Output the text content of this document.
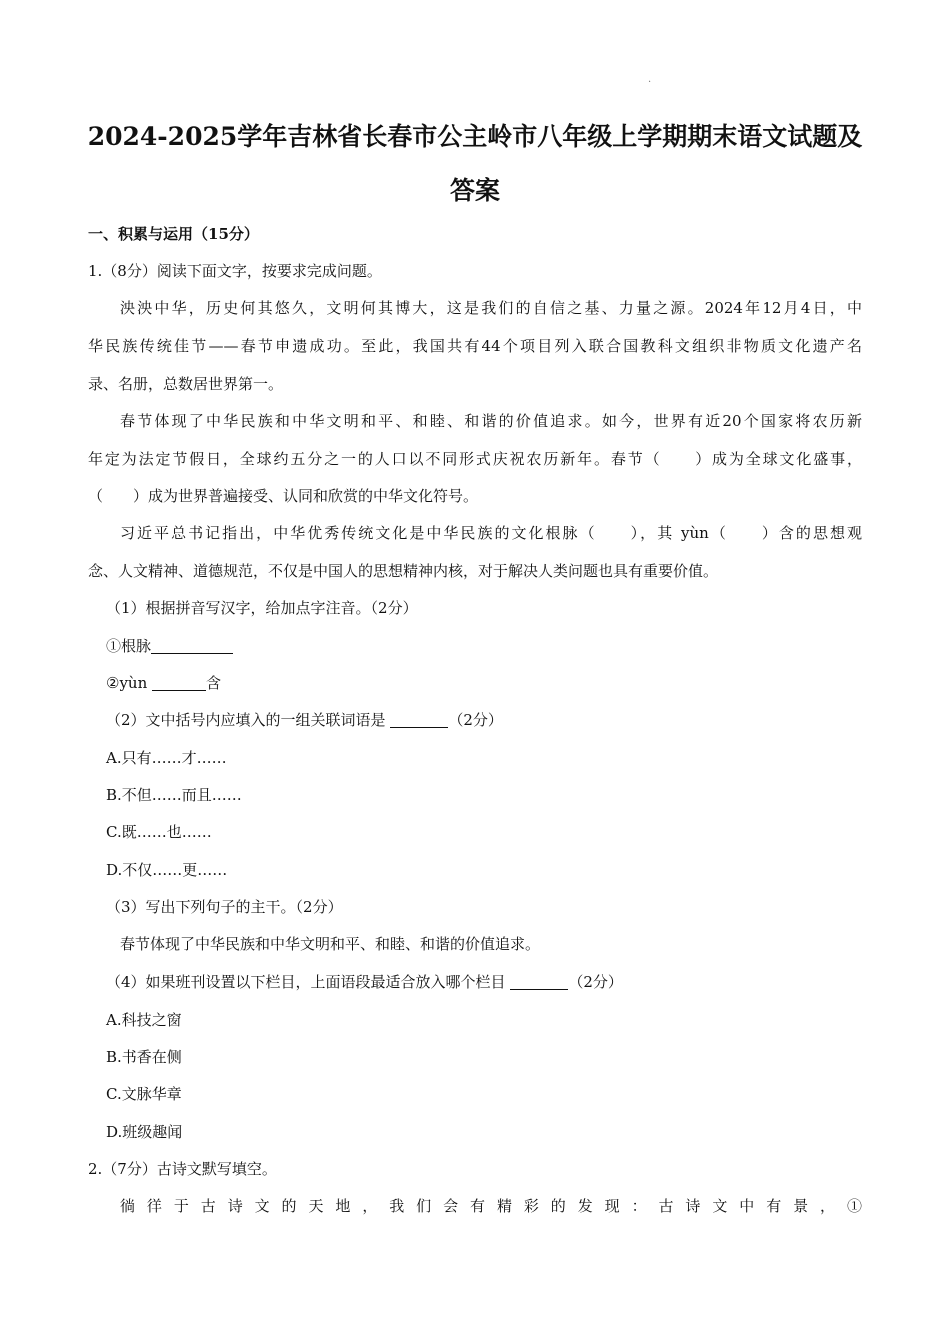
.
2024-2025学年吉林省长春市公主岭市八年级上学期期末语文试题及
答案
一、积累与运用（15分）
1.（8分）阅读下面文字，按要求完成问题。
泱泱中华，历史何其悠久，文明何其博大，这是我们的自信之基、力量之源。2024年12月4日，中
华民族传统佳节——春节申遗成功。至此，我国共有44个项目列入联合国教科文组织非物质文化遗产名
录、名册，总数居世界第一。
春节体现了中华民族和中华文明和平、和睦、和谐的价值追求。如今，世界有近20个国家将农历新
年定为法定节假日，全球约五分之一的人口以不同形式庆祝农历新年。春节（　　）成为全球文化盛事，
（　　）成为世界普遍接受、认同和欣赏的中华文化符号。
习近平总书记指出，中华优秀传统文化是中华民族的文化根脉（　　），其 yùn（　　）含的思想观
念、人文精神、道德规范，不仅是中国人的思想精神内核，对于解决人类问题也具有重要价值。
（1）根据拼音写汉字，给加点字注音。（2分）
①根脉
②yùn	含
（2）文中括号内应填入的一组关联词语是	（2分）
A.只有……才……
B.不但……而且……
C.既……也……
D.不仅……更……
（3）写出下列句子的主干。（2分）
春节体现了中华民族和中华文明和平、和睦、和谐的价值追求。
（4）如果班刊设置以下栏目，上面语段最适合放入哪个栏目	（2分）
A.科技之窗
B.书香在侧
C.文脉华章
D.班级趣闻
2.（7分）古诗文默写填空。
徜徉于古诗文的天地，我们会有精彩的发现：古诗文中有景，①
